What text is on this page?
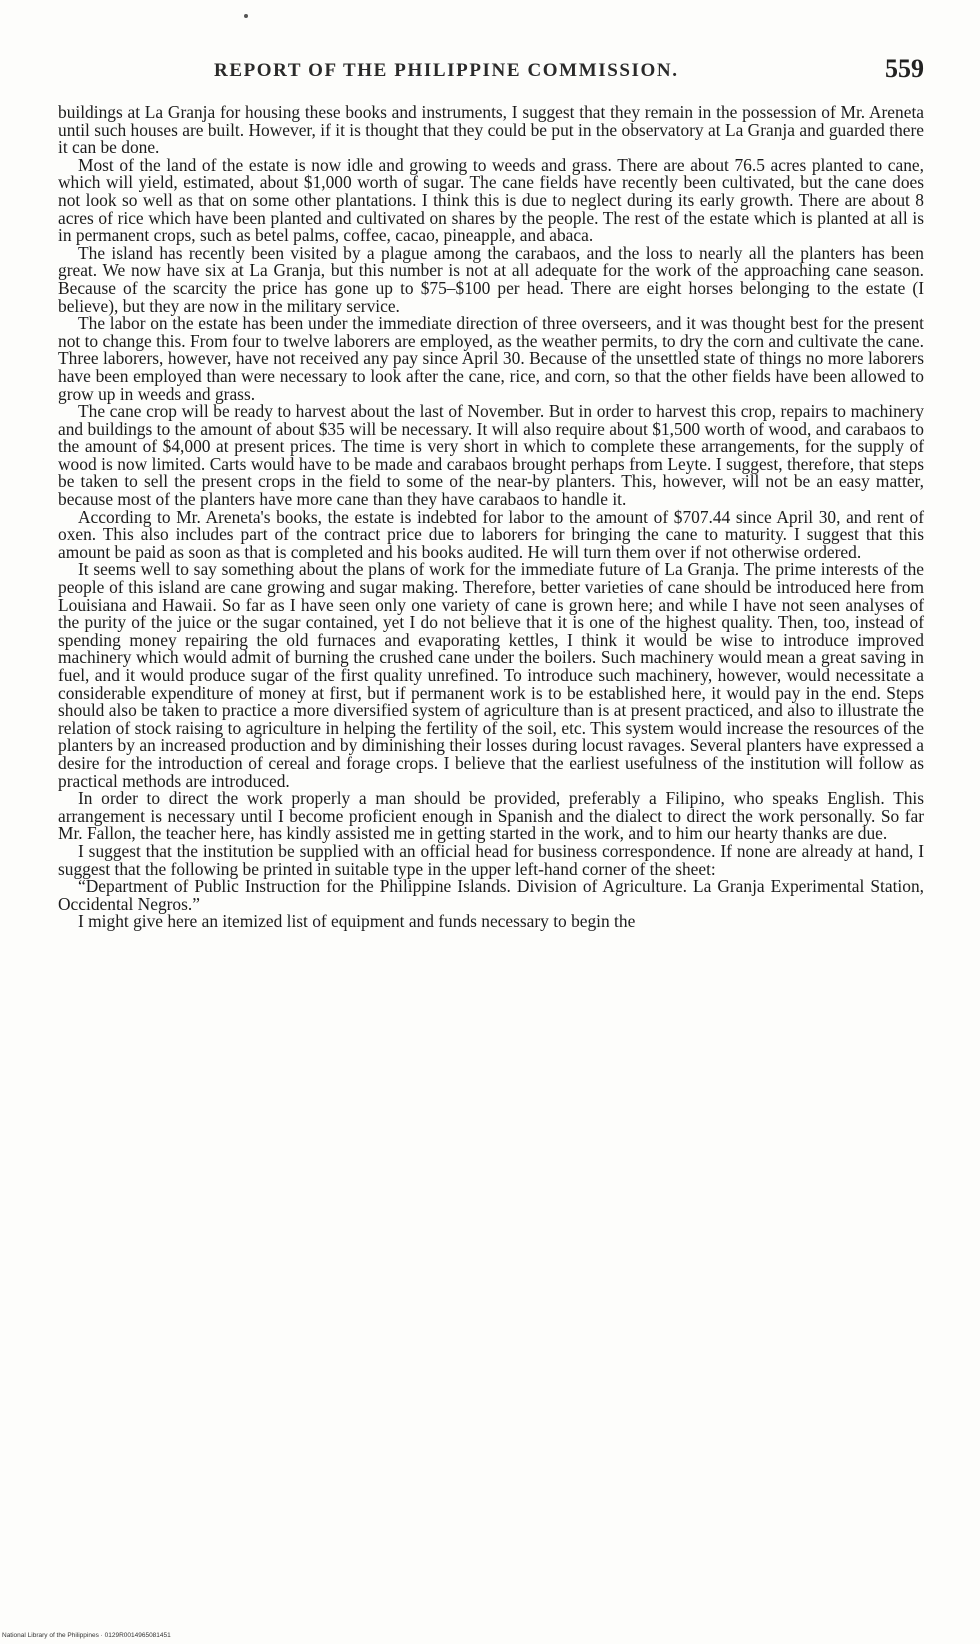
REPORT OF THE PHILIPPINE COMMISSION.	559

buildings at La Granja for housing these books and instruments, I suggest that they remain in the possession of Mr. Areneta until such houses are built. However, if it is thought that they could be put in the observatory at La Granja and guarded there it can be done.

Most of the land of the estate is now idle and growing to weeds and grass. There are about 76.5 acres planted to cane, which will yield, estimated, about $1,000 worth of sugar. The cane fields have recently been cultivated, but the cane does not look so well as that on some other plantations. I think this is due to neglect during its early growth. There are about 8 acres of rice which have been planted and cultivated on shares by the people. The rest of the estate which is planted at all is in permanent crops, such as betel palms, coffee, cacao, pineapple, and abaca.

The island has recently been visited by a plague among the carabaos, and the loss to nearly all the planters has been great. We now have six at La Granja, but this number is not at all adequate for the work of the approaching cane season. Because of the scarcity the price has gone up to $75–$100 per head. There are eight horses belonging to the estate (I believe), but they are now in the military service.

The labor on the estate has been under the immediate direction of three overseers, and it was thought best for the present not to change this. From four to twelve laborers are employed, as the weather permits, to dry the corn and cultivate the cane. Three laborers, however, have not received any pay since April 30. Because of the unsettled state of things no more laborers have been employed than were necessary to look after the cane, rice, and corn, so that the other fields have been allowed to grow up in weeds and grass.

The cane crop will be ready to harvest about the last of November. But in order to harvest this crop, repairs to machinery and buildings to the amount of about $35 will be necessary. It will also require about $1,500 worth of wood, and carabaos to the amount of $4,000 at present prices. The time is very short in which to complete these arrangements, for the supply of wood is now limited. Carts would have to be made and carabaos brought perhaps from Leyte. I suggest, therefore, that steps be taken to sell the present crops in the field to some of the near-by planters. This, however, will not be an easy matter, because most of the planters have more cane than they have carabaos to handle it.

According to Mr. Areneta's books, the estate is indebted for labor to the amount of $707.44 since April 30, and rent of oxen. This also includes part of the contract price due to laborers for bringing the cane to maturity. I suggest that this amount be paid as soon as that is completed and his books audited. He will turn them over if not otherwise ordered.

It seems well to say something about the plans of work for the immediate future of La Granja. The prime interests of the people of this island are cane growing and sugar making. Therefore, better varieties of cane should be introduced here from Louisiana and Hawaii. So far as I have seen only one variety of cane is grown here; and while I have not seen analyses of the purity of the juice or the sugar contained, yet I do not believe that it is one of the highest quality. Then, too, instead of spending money repairing the old furnaces and evaporating kettles, I think it would be wise to introduce improved machinery which would admit of burning the crushed cane under the boilers. Such machinery would mean a great saving in fuel, and it would produce sugar of the first quality unrefined. To introduce such machinery, however, would necessitate a considerable expenditure of money at first, but if permanent work is to be established here, it would pay in the end. Steps should also be taken to practice a more diversified system of agriculture than is at present practiced, and also to illustrate the relation of stock raising to agriculture in helping the fertility of the soil, etc. This system would increase the resources of the planters by an increased production and by diminishing their losses during locust ravages. Several planters have expressed a desire for the introduction of cereal and forage crops. I believe that the earliest usefulness of the institution will follow as practical methods are introduced.

In order to direct the work properly a man should be provided, preferably a Filipino, who speaks English. This arrangement is necessary until I become proficient enough in Spanish and the dialect to direct the work personally. So far Mr. Fallon, the teacher here, has kindly assisted me in getting started in the work, and to him our hearty thanks are due.

I suggest that the institution be supplied with an official head for business correspondence. If none are already at hand, I suggest that the following be printed in suitable type in the upper left-hand corner of the sheet:

“Department of Public Instruction for the Philippine Islands. Division of Agriculture. La Granja Experimental Station, Occidental Negros.”

I might give here an itemized list of equipment and funds necessary to begin the

National Library of the Philippines · 0129R0014965081451
